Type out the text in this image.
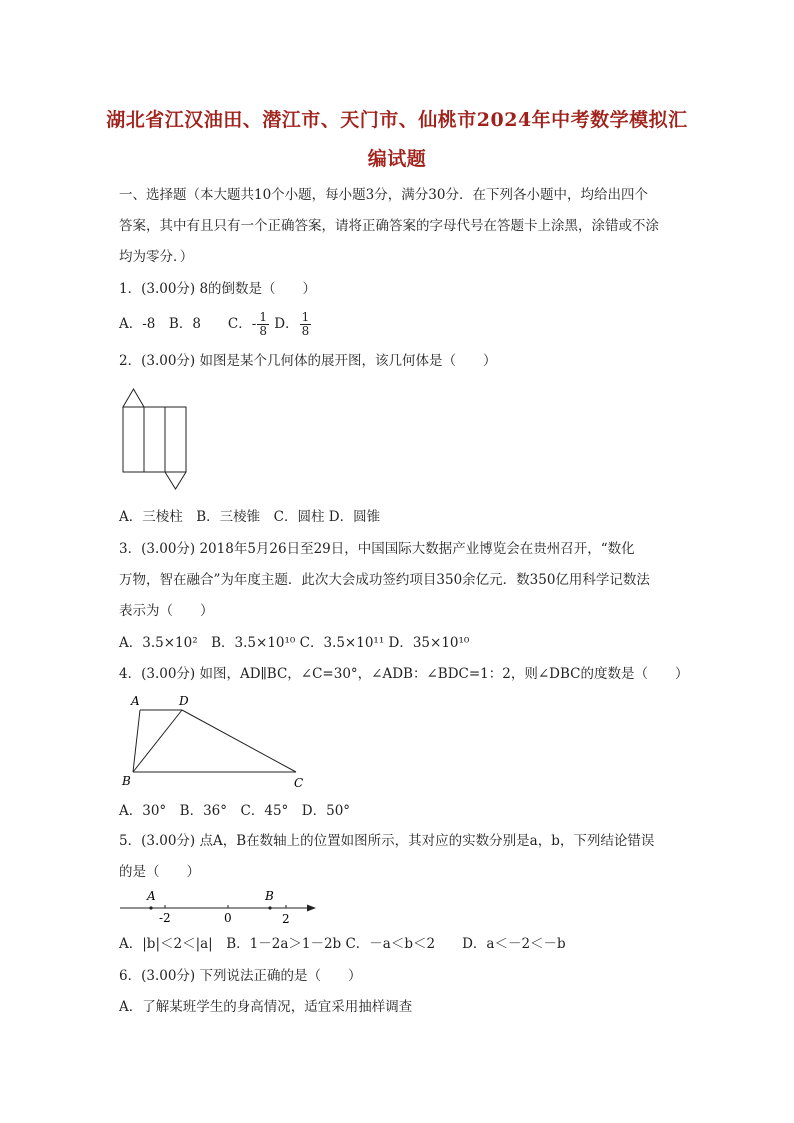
湖北省江汉油田、潜江市、天门市、仙桃市2024年中考数学模拟汇
编试题
一、选择题（本大题共10个小题，每小题3分，满分30分．在下列各小题中，均给出四个
答案，其中有且只有一个正确答案，请将正确答案的字母代号在答题卡上涂黑，涂错或不涂
均为零分．）
1．(3.00分) 8的倒数是（　　）
A．-8　B．8　　C．- $\frac{1}{8}$ D． $\frac{1}{8}$
2．(3.00分) 如图是某个几何体的展开图，该几何体是（　　）
A．三棱柱　B．三棱锥　C．圆柱 D．圆锥
3．(3.00分) 2018年5月26日至29日，中国国际大数据产业博览会在贵州召开，“数化
万物，智在融合”为年度主题．此次大会成功签约项目350余亿元．数350亿用科学记数法
表示为（　　）
A．3.5×10²　B．3.5×10¹⁰ C．3.5×10¹¹ D．35×10¹⁰
4．(3.00分) 如图，AD∥BC，∠C=30°，∠ADB：∠BDC=1：2，则∠DBC的度数是（　　）
A	D
B	C
A．30°　B．36°　C．45°　D．50°
5．(3.00分) 点A，B在数轴上的位置如图所示，其对应的实数分别是a，b，下列结论错误
的是（　　）
A	B
-2	0	2
A．|b|＜2＜|a|　B．1－2a＞1－2b C．－a＜b＜2　　D．a＜－2＜－b
6．(3.00分) 下列说法正确的是（　　）
A．了解某班学生的身高情况，适宜采用抽样调查
